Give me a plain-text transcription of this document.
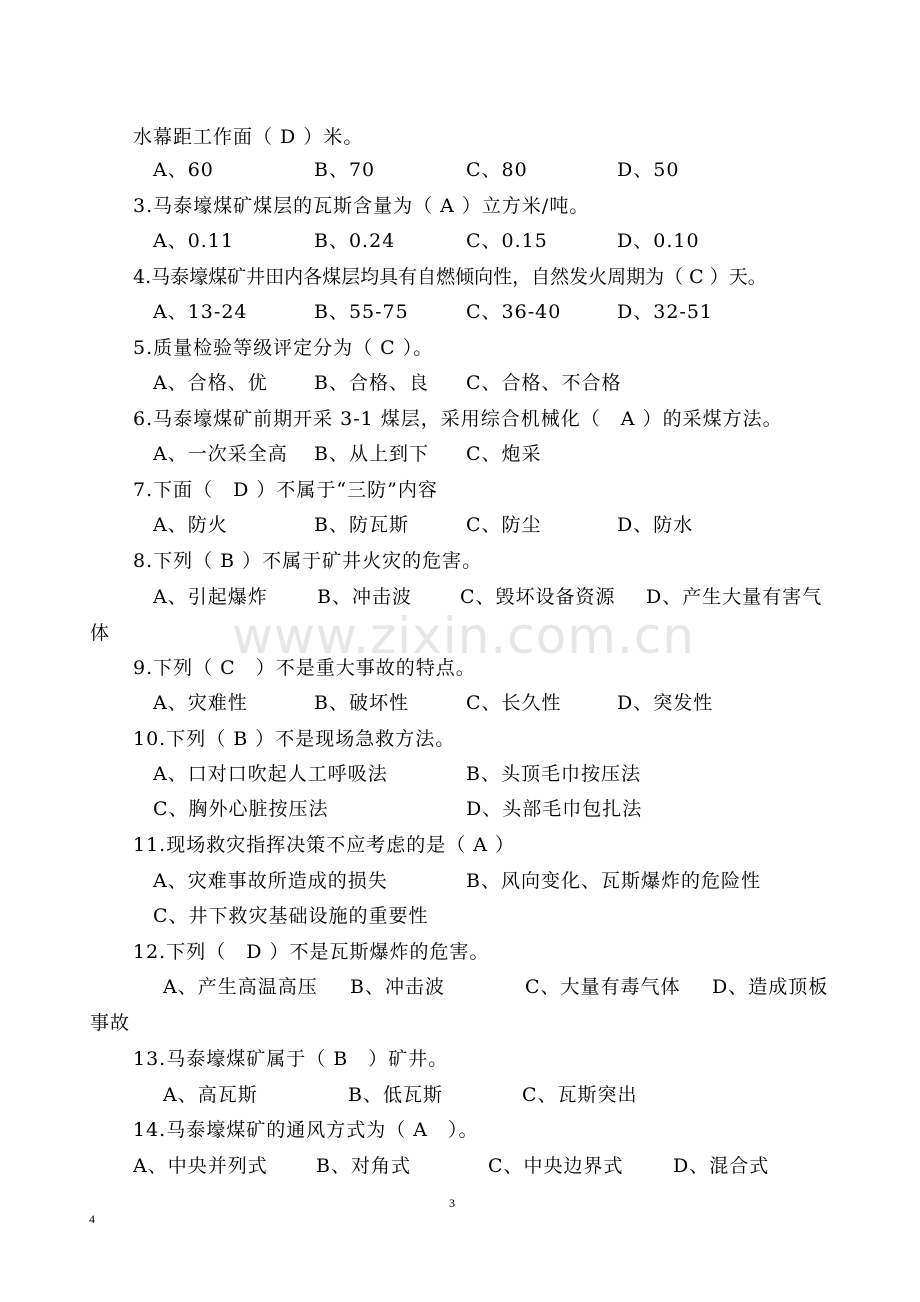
www.zixin.com.cn
水幕距工作面（ D ）米。
A、60	B、70	C、80	D、50
3.马泰壕煤矿煤层的瓦斯含量为（ A ）立方米/吨。
A、0.11	B、0.24	C、0.15	D、0.10
4.马泰壕煤矿井田内各煤层均具有自燃倾向性，自然发火周期为（ C ）天。
A、13-24	B、55-75	C、36-40	D、32-51
5.质量检验等级评定分为（ C ）。
A、合格、优 B、合格、良 C、合格、不合格
6.马泰壕煤矿前期开采 3-1 煤层，采用综合机械化（　A ）的采煤方法。
A、一次采全高 B、从上到下 C、炮采
7.下面（　D ）不属于“三防”内容
A、防火	B、防瓦斯	C、防尘	D、防水
8.下列（ B ）不属于矿井火灾的危害。
A、引起爆炸	B、冲击波	C、毁坏设备资源 D、产生大量有害气
体
9.下列（ C　）不是重大事故的特点。
A、灾难性	B、破坏性	C、长久性	D、突发性
10.下列（ B ）不是现场急救方法。
A、口对口吹起人工呼吸法	B、头顶毛巾按压法
C、胸外心脏按压法	D、头部毛巾包扎法
11.现场救灾指挥决策不应考虑的是（ A ）
A、灾难事故所造成的损失	B、风向变化、瓦斯爆炸的危险性
C、井下救灾基础设施的重要性
12.下列（　D ）不是瓦斯爆炸的危害。
A、产生高温高压 B、冲击波	C、大量有毒气体 D、造成顶板
事故
13.马泰壕煤矿属于（ B　）矿井。
A、高瓦斯	B、低瓦斯	C、瓦斯突出
14.马泰壕煤矿的通风方式为（ A　）。
A、中央并列式	B、对角式	C、中央边界式	D、混合式
3
4
